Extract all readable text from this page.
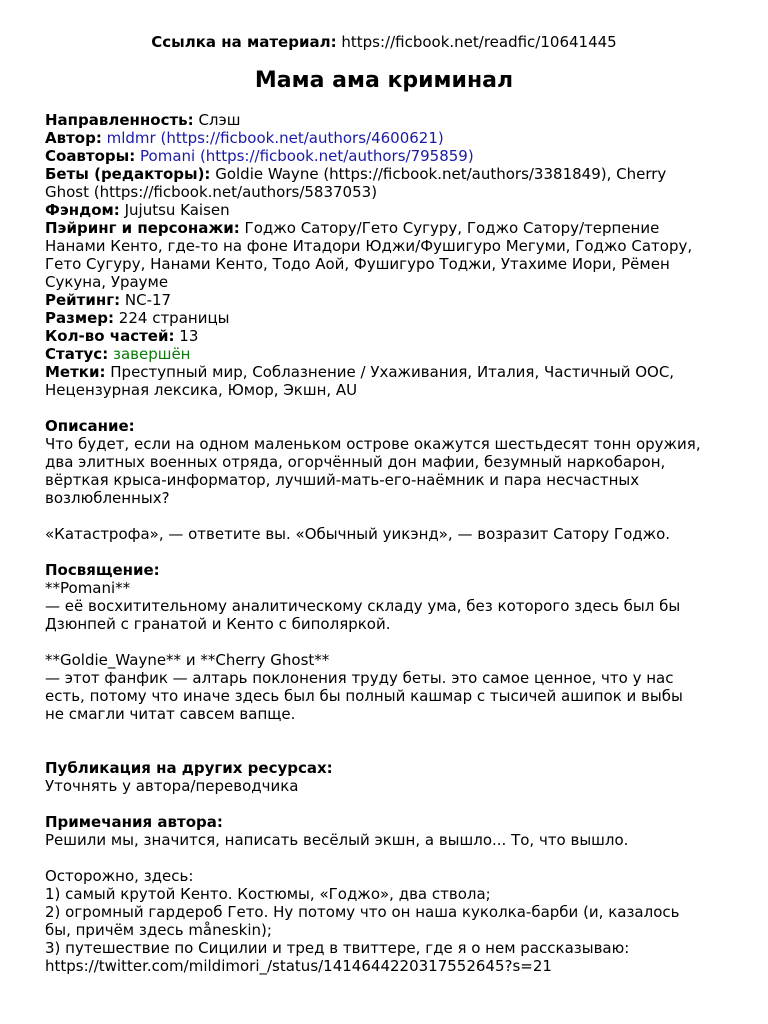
Ссылка на материал: https://ficbook.net/readfic/10641445
Мама ама криминал
Направленность: Слэш
Автор: mldmr (https://ficbook.net/authors/4600621)
Соавторы: Pomani (https://ficbook.net/authors/795859)
Беты (редакторы): Goldie Wayne (https://ficbook.net/authors/3381849), Cherry
Ghost (https://ficbook.net/authors/5837053)
Фэндом: Jujutsu Kaisen
Пэйринг и персонажи: Годжо Сатору/Гето Сугуру, Годжо Сатору/терпение
Нанами Кенто, где-то на фоне Итадори Юджи/Фушигуро Мегуми, Годжо Сатору,
Гето Сугуру, Нанами Кенто, Тодо Аой, Фушигуро Тоджи, Утахиме Иори, Рёмен
Сукуна, Урауме
Рейтинг: NC-17
Размер: 224 страницы
Кол-во частей: 13
Статус: завершён
Метки: Преступный мир, Соблазнение / Ухаживания, Италия, Частичный ООС,
Нецензурная лексика, Юмор, Экшн, AU
Описание:
Что будет, если на одном маленьком острове окажутся шестьдесят тонн оружия,
два элитных военных отряда, огорчённый дон мафии, безумный наркобарон,
вёрткая крыса-информатор, лучший-мать-его-наёмник и пара несчастных
возлюбленных?
«Катастрофа», — ответите вы. «Обычный уикэнд», — возразит Сатору Годжо.
Посвящение:
**Pomani**
— её восхитительному аналитическому складу ума, без которого здесь был бы
Дзюнпей с гранатой и Кенто с биполяркой.
**Goldie_Wayne** и **Cherry Ghost**
— этот фанфик — алтарь поклонения труду беты. это самое ценное, что у нас
есть, потому что иначе здесь был бы полный кашмар с тысичей ашипок и выбы
не смагли читат савсем вапще.
Публикация на других ресурсах:
Уточнять у автора/переводчика
Примечания автора:
Решили мы, значится, написать весёлый экшн, а вышло... То, что вышло.
Осторожно, здесь:
1) самый крутой Кенто. Костюмы, «Годжо», два ствола;
2) огромный гардероб Гето. Ну потому что он наша куколка-барби (и, казалось
бы, причём здесь måneskin);
3) путешествие по Сицилии и тред в твиттере, где я о нем рассказываю:
https://twitter.com/mildimori_/status/1414644220317552645?s=21
